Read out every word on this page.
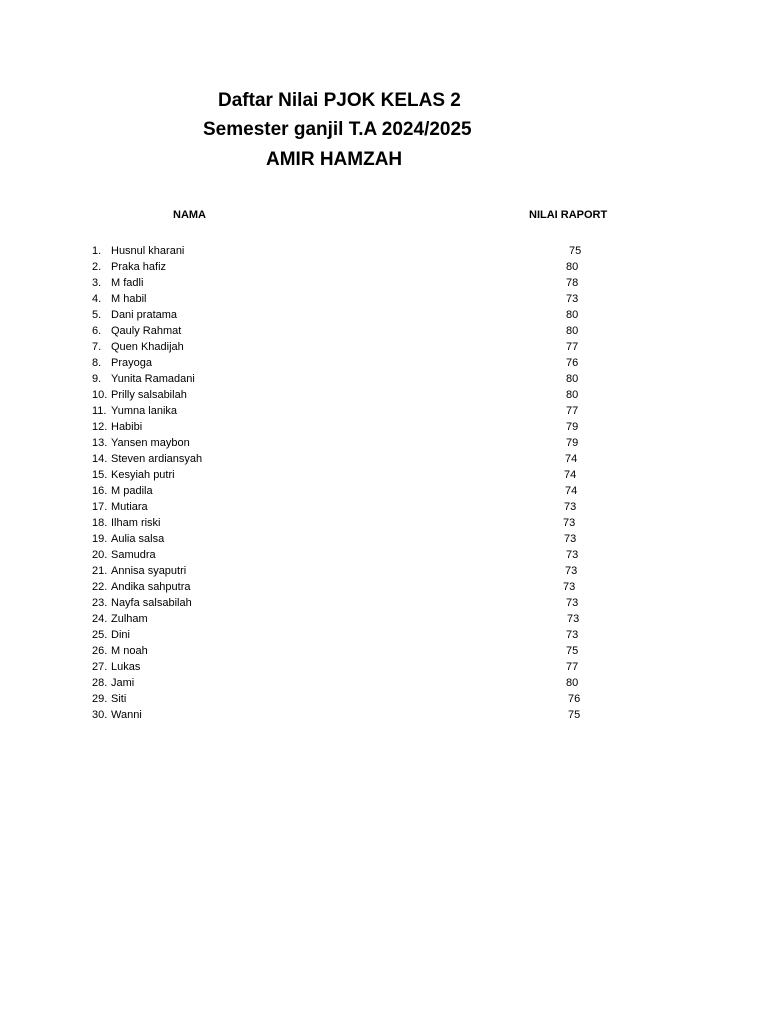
Daftar Nilai PJOK KELAS 2
Semester ganjil T.A 2024/2025
AMIR HAMZAH
NAMA	NILAI RAPORT
1. Husnul kharani	75
2. Praka hafiz	80
3. M fadli	78
4. M habil	73
5. Dani pratama	80
6. Qauly Rahmat	80
7. Quen Khadijah	77
8. Prayoga	76
9. Yunita Ramadani	80
10. Prilly salsabilah	80
11. Yumna lanika	77
12. Habibi	79
13. Yansen maybon	79
14. Steven ardiansyah	74
15. Kesyiah putri	74
16. M padila	74
17. Mutiara	73
18. Ilham riski	73
19. Aulia salsa	73
20. Samudra	73
21. Annisa syaputri	73
22. Andika sahputra	73
23. Nayfa salsabilah	73
24. Zulham	73
25. Dini	73
26. M noah	75
27. Lukas	77
28. Jami	80
29. Siti	76
30. Wanni	75
